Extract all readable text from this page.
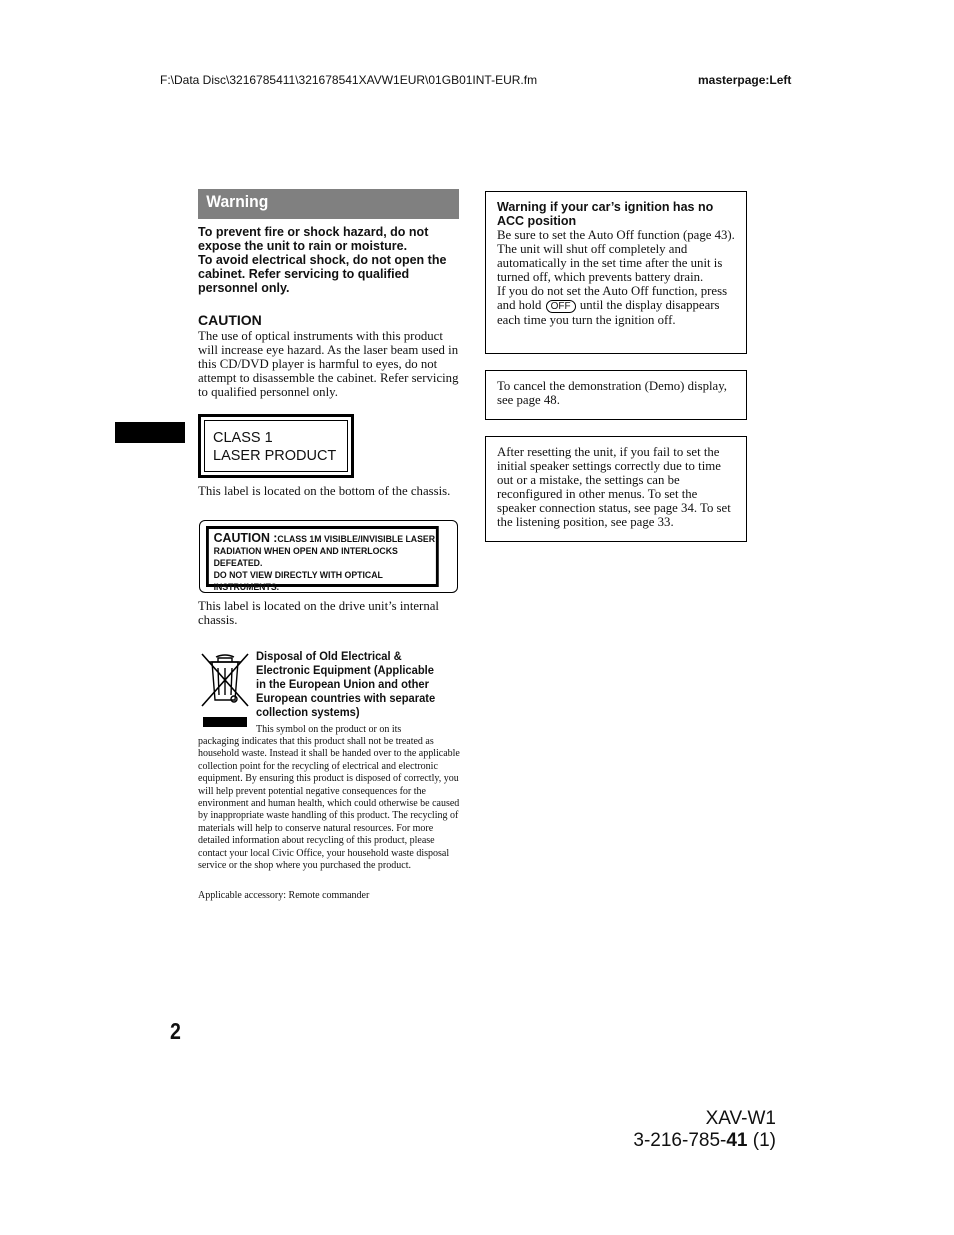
F:\Data Disc\3216785411\321678541XAVW1EUR\01GB01INT-EUR.fm	masterpage:Left
Warning
To prevent fire or shock hazard, do not expose the unit to rain or moisture.
To avoid electrical shock, do not open the cabinet. Refer servicing to qualified personnel only.
CAUTION
The use of optical instruments with this product will increase eye hazard. As the laser beam used in this CD/DVD player is harmful to eyes, do not attempt to disassemble the cabinet. Refer servicing to qualified personnel only.
CLASS 1
LASER PRODUCT
This label is located on the bottom of the chassis.
CAUTION :CLASS 1M VISIBLE/INVISIBLE LASER
RADIATION WHEN OPEN AND INTERLOCKS DEFEATED.
DO NOT VIEW DIRECTLY WITH OPTICAL INSTRUMENTS.
This label is located on the drive unit’s internal chassis.
Disposal of Old Electrical & Electronic Equipment (Applicable in the European Union and other European countries with separate collection systems)
This symbol on the product or on its
packaging indicates that this product shall not be treated as household waste. Instead it shall be handed over to the applicable collection point for the recycling of electrical and electronic equipment. By ensuring this product is disposed of correctly, you will help prevent potential negative consequences for the environment and human health, which could otherwise be caused by inappropriate waste handling of this product. The recycling of materials will help to conserve natural resources. For more detailed information about recycling of this product, please contact your local Civic Office, your household waste disposal service or the shop where you purchased the product.
Applicable accessory: Remote commander
Warning if your car’s ignition has no ACC position
Be sure to set the Auto Off function (page 43).
The unit will shut off completely and automatically in the set time after the unit is turned off, which prevents battery drain.
If you do not set the Auto Off function, press and hold OFF until the display disappears each time you turn the ignition off.
To cancel the demonstration (Demo) display, see page 48.
After resetting the unit, if you fail to set the initial speaker settings correctly due to time out or a mistake, the settings can be reconfigured in other menus. To set the speaker connection status, see page 34. To set the listening position, see page 33.
2
XAV-W1
3-216-785-41 (1)
